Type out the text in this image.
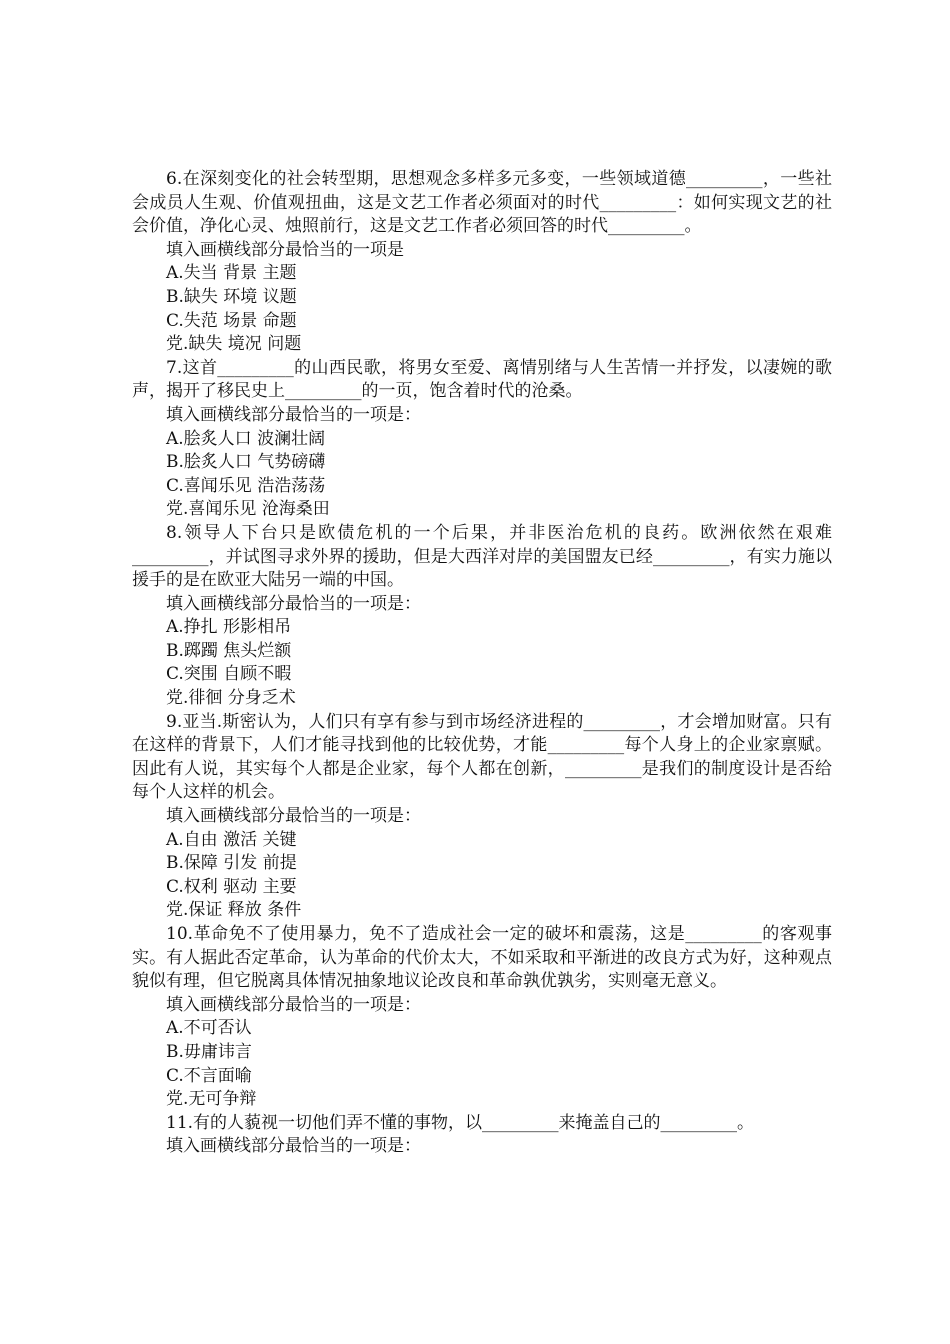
6.在深刻变化的社会转型期，思想观念多样多元多变，一些领域道德_________，一些社会成员人生观、价值观扭曲，这是文艺工作者必须面对的时代_________：如何实现文艺的社会价值，净化心灵、烛照前行，这是文艺工作者必须回答的时代_________。

填入画横线部分最恰当的一项是

A.失当 背景 主题

B.缺失 环境 议题

C.失范 场景 命题

党.缺失 境况 问题

7.这首_________的山西民歌，将男女至爱、离情别绪与人生苦情一并抒发，以凄婉的歌声，揭开了移民史上_________的一页，饱含着时代的沧桑。

填入画横线部分最恰当的一项是：

A.脍炙人口 波澜壮阔

B.脍炙人口 气势磅礴

C.喜闻乐见 浩浩荡荡

党.喜闻乐见 沧海桑田

8.领导人下台只是欧债危机的一个后果，并非医治危机的良药。欧洲依然在艰难_________，并试图寻求外界的援助，但是大西洋对岸的美国盟友已经_________，有实力施以援手的是在欧亚大陆另一端的中国。

填入画横线部分最恰当的一项是：

A.挣扎 形影相吊

B.踯躅 焦头烂额

C.突围 自顾不暇

党.徘徊 分身乏术

9.亚当.斯密认为，人们只有享有参与到市场经济进程的_________，才会增加财富。只有在这样的背景下，人们才能寻找到他的比较优势，才能_________每个人身上的企业家禀赋。因此有人说，其实每个人都是企业家，每个人都在创新，_________是我们的制度设计是否给每个人这样的机会。

填入画横线部分最恰当的一项是：

A.自由 激活 关键

B.保障 引发 前提

C.权利 驱动 主要

党.保证 释放 条件

10.革命免不了使用暴力，免不了造成社会一定的破坏和震荡，这是_________的客观事实。有人据此否定革命，认为革命的代价太大，不如采取和平渐进的改良方式为好，这种观点貌似有理，但它脱离具体情况抽象地议论改良和革命孰优孰劣，实则毫无意义。

填入画横线部分最恰当的一项是：

A.不可否认

B.毋庸讳言

C.不言面喻

党.无可争辩

11.有的人藐视一切他们弄不懂的事物，以_________来掩盖自己的_________。

填入画横线部分最恰当的一项是：
